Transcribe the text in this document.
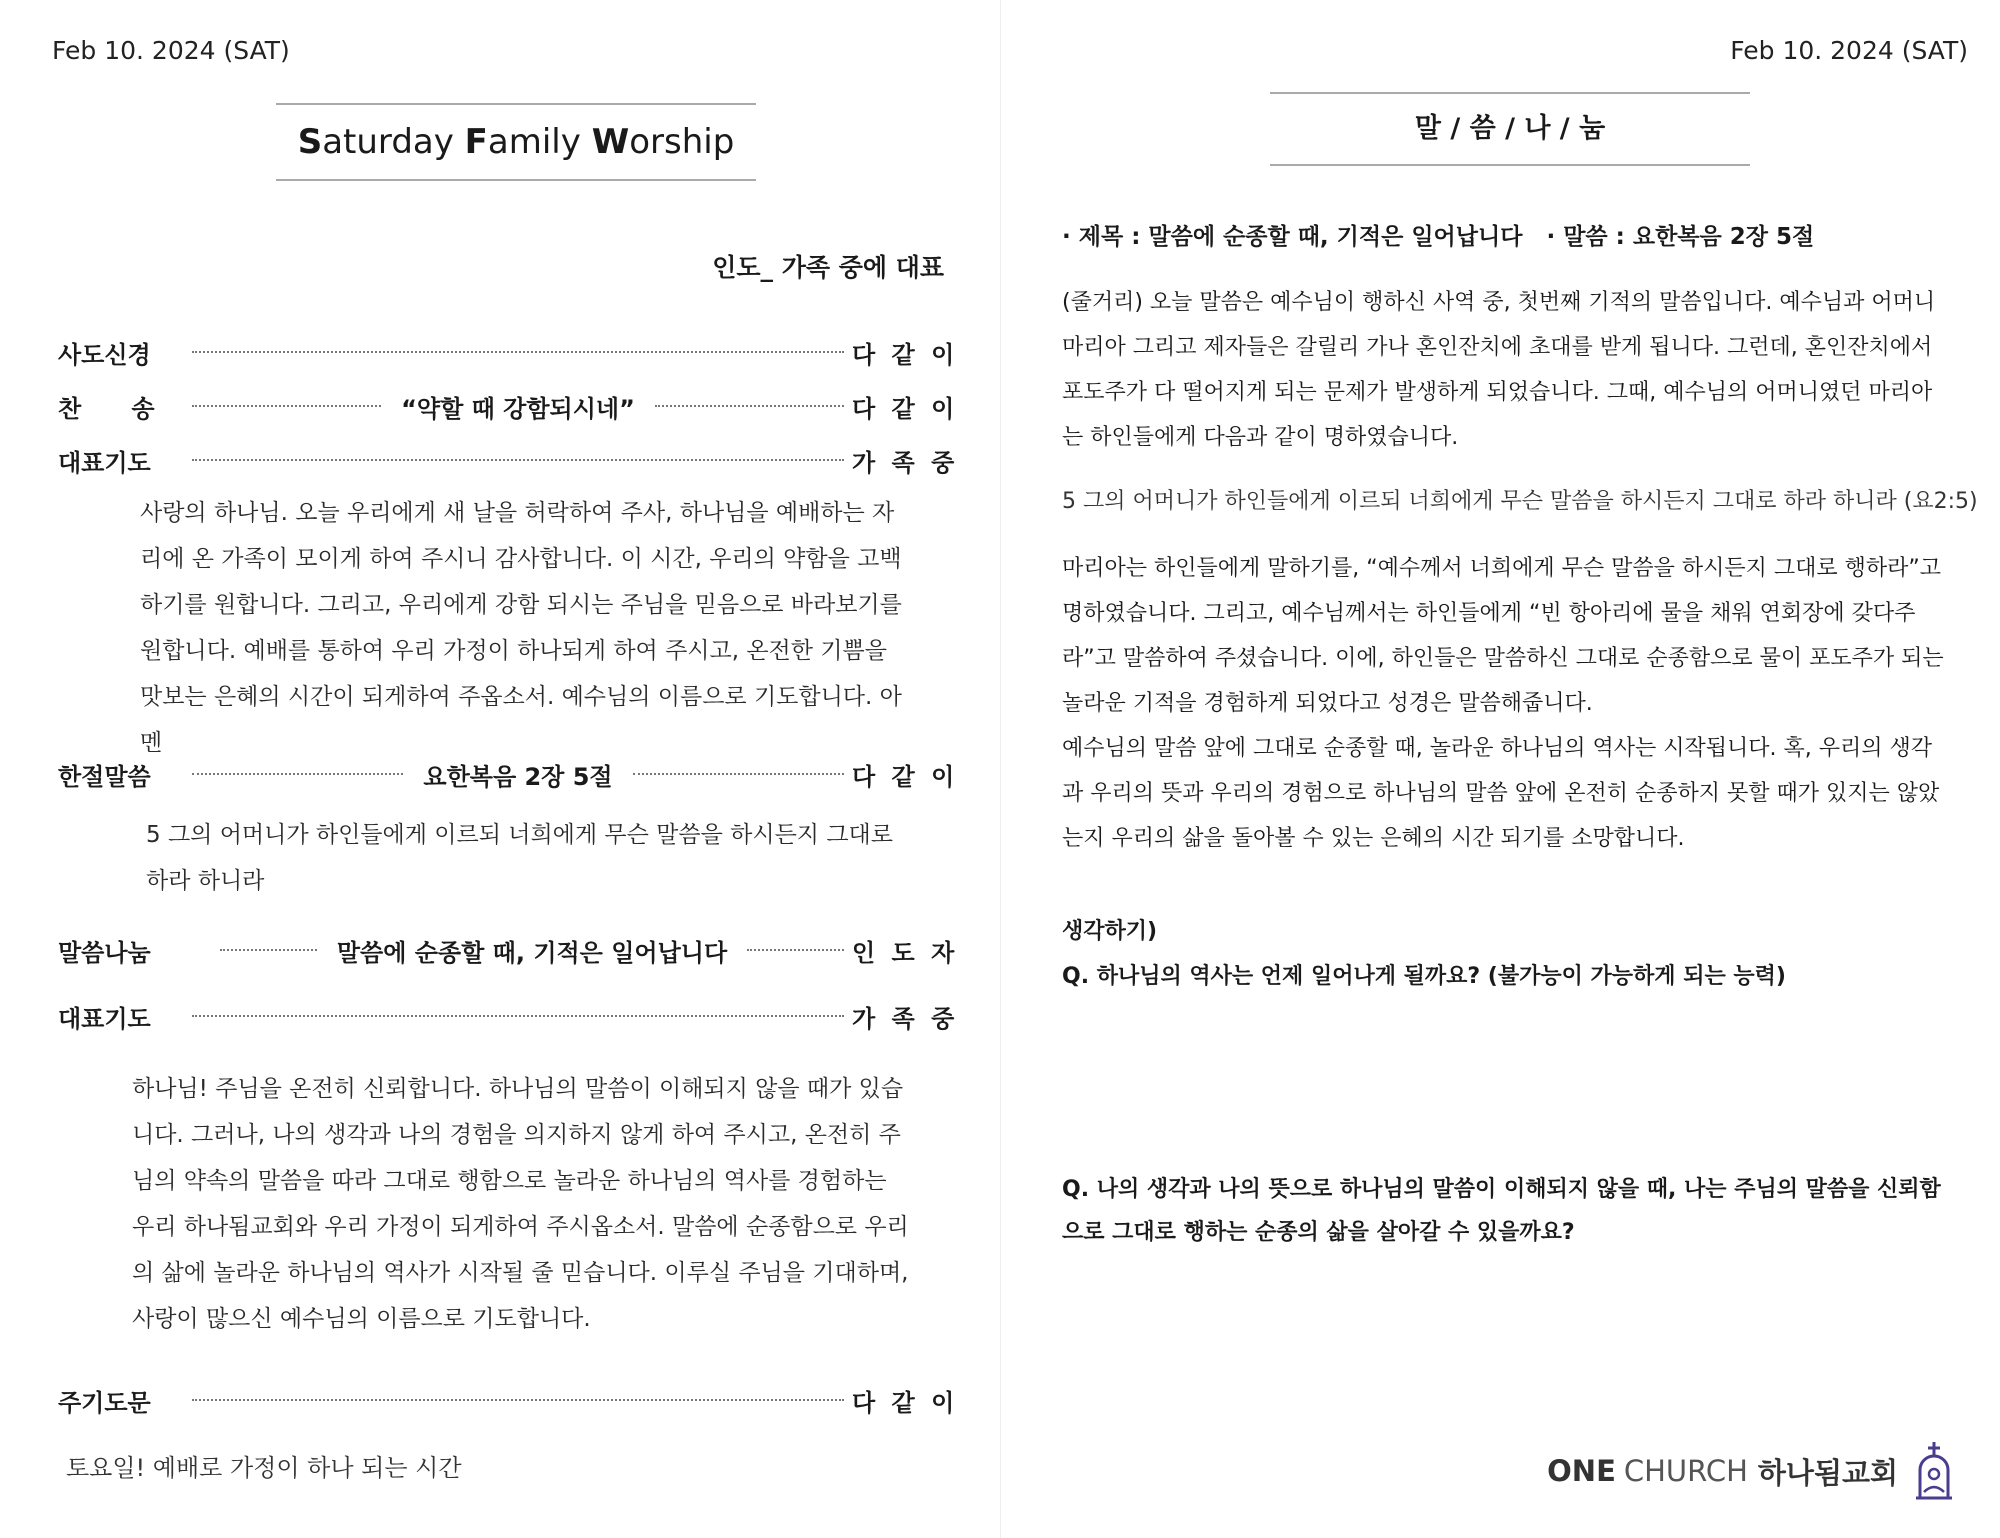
Feb 10. 2024 (SAT)
Saturday Family Worship
인도_ 가족 중에 대표
사도신경	다 같 이
찬      송	“약할 때 강함되시네”	다 같 이
대표기도	가 족 중
사랑의 하나님. 오늘 우리에게 새 날을 허락하여 주사, 하나님을 예배하는 자리에 온 가족이 모이게 하여 주시니 감사합니다. 이 시간, 우리의 약함을 고백하기를 원합니다. 그리고, 우리에게 강함 되시는 주님을 믿음으로 바라보기를 원합니다. 예배를 통하여 우리 가정이 하나되게 하여 주시고, 온전한 기쁨을 맛보는 은혜의 시간이 되게하여 주옵소서. 예수님의 이름으로 기도합니다. 아멘
한절말씀	요한복음 2장 5절	다 같 이
5 그의 어머니가 하인들에게 이르되 너희에게 무슨 말씀을 하시든지 그대로 하라 하니라
말씀나눔	말씀에 순종할 때, 기적은 일어납니다	인 도 자
대표기도	가 족 중
하나님! 주님을 온전히 신뢰합니다. 하나님의 말씀이 이해되지 않을 때가 있습니다. 그러나, 나의 생각과 나의 경험을 의지하지 않게 하여 주시고, 온전히 주님의 약속의 말씀을 따라 그대로 행함으로 놀라운 하나님의 역사를 경험하는 우리 하나됨교회와 우리 가정이 되게하여 주시옵소서. 말씀에 순종함으로 우리의 삶에 놀라운 하나님의 역사가 시작될 줄 믿습니다. 이루실 주님을 기대하며, 사랑이 많으신 예수님의 이름으로 기도합니다.
주기도문	다 같 이
토요일! 예배로 가정이 하나 되는 시간
Feb 10. 2024 (SAT)
말 / 씀 / 나 / 눔
· 제목 : 말씀에 순종할 때, 기적은 일어납니다 · 말씀 : 요한복음 2장 5절
(줄거리) 오늘 말씀은 예수님이 행하신 사역 중, 첫번째 기적의 말씀입니다. 예수님과 어머니 마리아 그리고 제자들은 갈릴리 가나 혼인잔치에 초대를 받게 됩니다. 그런데, 혼인잔치에서 포도주가 다 떨어지게 되는 문제가 발생하게 되었습니다. 그때, 예수님의 어머니였던 마리아는 하인들에게 다음과 같이 명하였습니다.
5 그의 어머니가 하인들에게 이르되 너희에게 무슨 말씀을 하시든지 그대로 하라 하니라 (요2:5)
마리아는 하인들에게 말하기를, “예수께서 너희에게 무슨 말씀을 하시든지 그대로 행하라”고 명하였습니다. 그리고, 예수님께서는 하인들에게 “빈 항아리에 물을 채워 연회장에 갖다주라”고 말씀하여 주셨습니다. 이에, 하인들은 말씀하신 그대로 순종함으로 물이 포도주가 되는 놀라운 기적을 경험하게 되었다고 성경은 말씀해줍니다.
예수님의 말씀 앞에 그대로 순종할 때, 놀라운 하나님의 역사는 시작됩니다. 혹, 우리의 생각과 우리의 뜻과 우리의 경험으로 하나님의 말씀 앞에 온전히 순종하지 못할 때가 있지는 않았는지 우리의 삶을 돌아볼 수 있는 은혜의 시간 되기를 소망합니다.
생각하기)
Q. 하나님의 역사는 언제 일어나게 될까요? (불가능이 가능하게 되는 능력)
Q. 나의 생각과 나의 뜻으로 하나님의 말씀이 이해되지 않을 때, 나는 주님의 말씀을 신뢰함으로 그대로 행하는 순종의 삶을 살아갈 수 있을까요?
ONE CHURCH 하나됨교회
